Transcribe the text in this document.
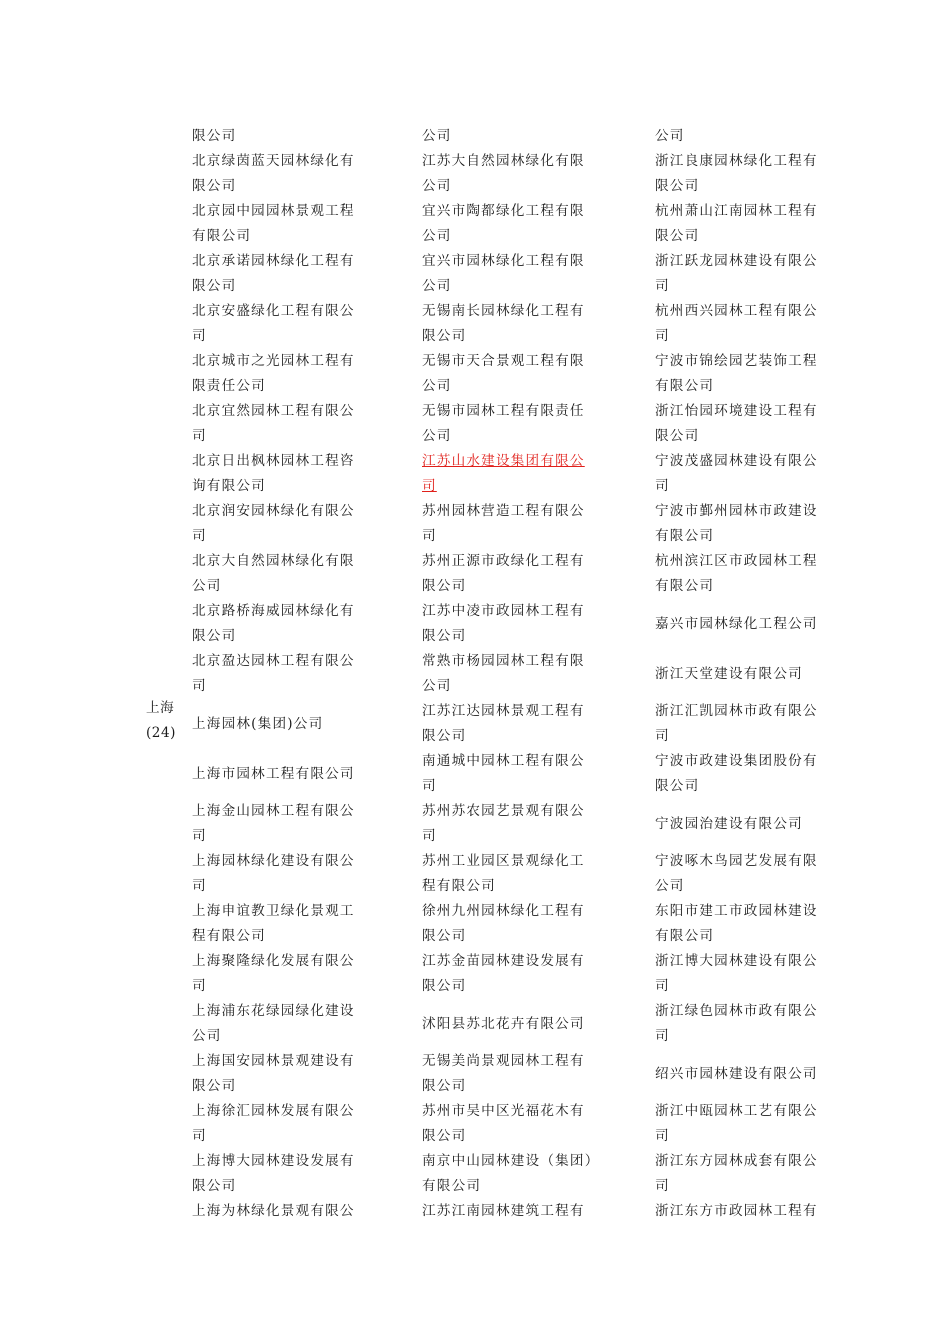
上海
(24)
限公司
北京绿茵蓝天园林绿化有
限公司
北京园中园园林景观工程
有限公司
北京承诺园林绿化工程有
限公司
北京安盛绿化工程有限公
司
北京城市之光园林工程有
限责任公司
北京宜然园林工程有限公
司
北京日出枫林园林工程咨
询有限公司
北京润安园林绿化有限公
司
北京大自然园林绿化有限
公司
北京路桥海威园林绿化有
限公司
北京盈达园林工程有限公
司
上海园林(集团)公司
上海市园林工程有限公司
上海金山园林工程有限公
司
上海园林绿化建设有限公
司
上海申谊教卫绿化景观工
程有限公司
上海聚隆绿化发展有限公
司
上海浦东花绿园绿化建设
公司
上海国安园林景观建设有
限公司
上海徐汇园林发展有限公
司
上海博大园林建设发展有
限公司
上海为林绿化景观有限公
公司
江苏大自然园林绿化有限
公司
宜兴市陶都绿化工程有限
公司
宜兴市园林绿化工程有限
公司
无锡南长园林绿化工程有
限公司
无锡市天合景观工程有限
公司
无锡市园林工程有限责任
公司
江苏山水建设集团有限公
司
苏州园林营造工程有限公
司
苏州正源市政绿化工程有
限公司
江苏中凌市政园林工程有
限公司
常熟市杨园园林工程有限
公司
江苏江达园林景观工程有
限公司
南通城中园林工程有限公
司
苏州苏农园艺景观有限公
司
苏州工业园区景观绿化工
程有限公司
徐州九州园林绿化工程有
限公司
江苏金苗园林建设发展有
限公司
沭阳县苏北花卉有限公司
无锡美尚景观园林工程有
限公司
苏州市吴中区光福花木有
限公司
南京中山园林建设（集团）
有限公司
江苏江南园林建筑工程有
公司
浙江良康园林绿化工程有
限公司
杭州萧山江南园林工程有
限公司
浙江跃龙园林建设有限公
司
杭州西兴园林工程有限公
司
宁波市锦绘园艺装饰工程
有限公司
浙江怡园环境建设工程有
限公司
宁波茂盛园林建设有限公
司
宁波市鄞州园林市政建设
有限公司
杭州滨江区市政园林工程
有限公司
嘉兴市园林绿化工程公司
浙江天堂建设有限公司
浙江汇凯园林市政有限公
司
宁波市政建设集团股份有
限公司
宁波园治建设有限公司
宁波啄木鸟园艺发展有限
公司
东阳市建工市政园林建设
有限公司
浙江博大园林建设有限公
司
浙江绿色园林市政有限公
司
绍兴市园林建设有限公司
浙江中瓯园林工艺有限公
司
浙江东方园林成套有限公
司
浙江东方市政园林工程有
